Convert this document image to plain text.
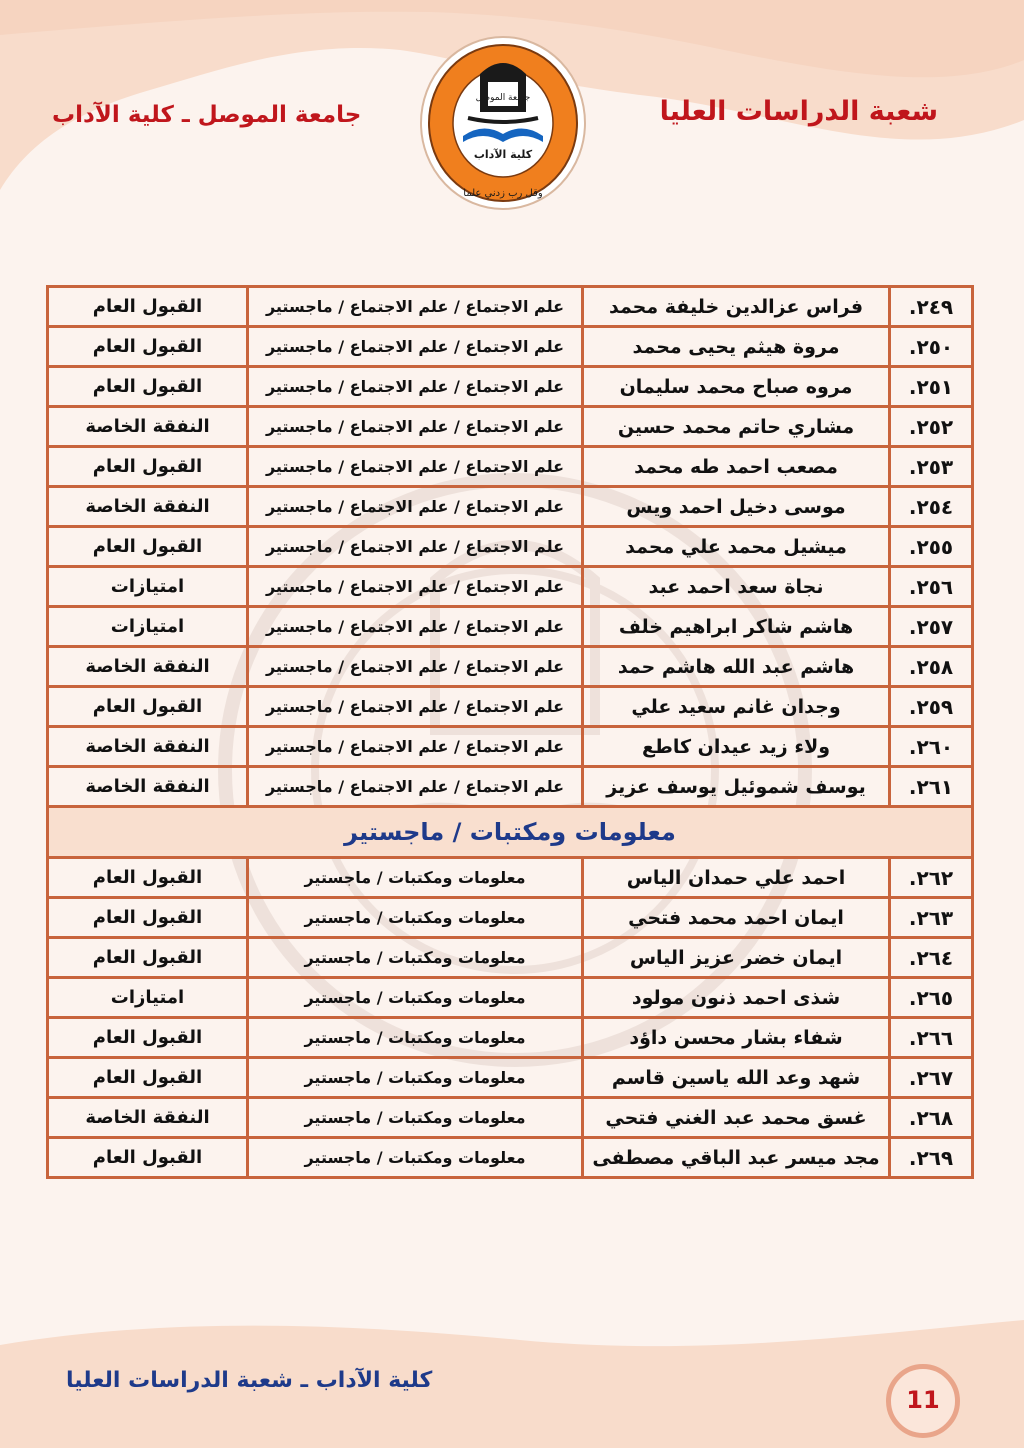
شعبة الدراسات العليا
جامعة الموصل ـ كلية الآداب
جامعة الموصل
كلية الآداب
وقل رب زدني علما
٢٤٩.	فراس عزالدين خليفة محمد	علم الاجتماع / علم الاجتماع / ماجستير	القبول العام
٢٥٠.	مروة هيثم يحيى محمد	علم الاجتماع / علم الاجتماع / ماجستير	القبول العام
٢٥١.	مروه صباح محمد سليمان	علم الاجتماع / علم الاجتماع / ماجستير	القبول العام
٢٥٢.	مشاري حاتم محمد حسين	علم الاجتماع / علم الاجتماع / ماجستير	النفقة الخاصة
٢٥٣.	مصعب احمد طه محمد	علم الاجتماع / علم الاجتماع / ماجستير	القبول العام
٢٥٤.	موسى دخيل احمد ويس	علم الاجتماع / علم الاجتماع / ماجستير	النفقة الخاصة
٢٥٥.	ميشيل محمد علي محمد	علم الاجتماع / علم الاجتماع / ماجستير	القبول العام
٢٥٦.	نجاة سعد احمد عبد	علم الاجتماع / علم الاجتماع / ماجستير	امتيازات
٢٥٧.	هاشم شاكر ابراهيم خلف	علم الاجتماع / علم الاجتماع / ماجستير	امتيازات
٢٥٨.	هاشم عبد الله هاشم حمد	علم الاجتماع / علم الاجتماع / ماجستير	النفقة الخاصة
٢٥٩.	وجدان غانم سعيد علي	علم الاجتماع / علم الاجتماع / ماجستير	القبول العام
٢٦٠.	ولاء زيد عيدان كاطع	علم الاجتماع / علم الاجتماع / ماجستير	النفقة الخاصة
٢٦١.	يوسف شموئيل يوسف عزيز	علم الاجتماع / علم الاجتماع / ماجستير	النفقة الخاصة
معلومات ومكتبات / ماجستير			
٢٦٢.	احمد علي حمدان الياس	معلومات ومكتبات / ماجستير	القبول العام
٢٦٣.	ايمان احمد محمد فتحي	معلومات ومكتبات / ماجستير	القبول العام
٢٦٤.	ايمان خضر عزيز الياس	معلومات ومكتبات / ماجستير	القبول العام
٢٦٥.	شذى احمد ذنون مولود	معلومات ومكتبات / ماجستير	امتيازات
٢٦٦.	شفاء بشار محسن داؤد	معلومات ومكتبات / ماجستير	القبول العام
٢٦٧.	شهد وعد الله ياسين قاسم	معلومات ومكتبات / ماجستير	القبول العام
٢٦٨.	غسق محمد عبد الغني فتحي	معلومات ومكتبات / ماجستير	النفقة الخاصة
٢٦٩.	مجد ميسر عبد الباقي مصطفى	معلومات ومكتبات / ماجستير	القبول العام
كلية الآداب ـ شعبة الدراسات العليا
11
